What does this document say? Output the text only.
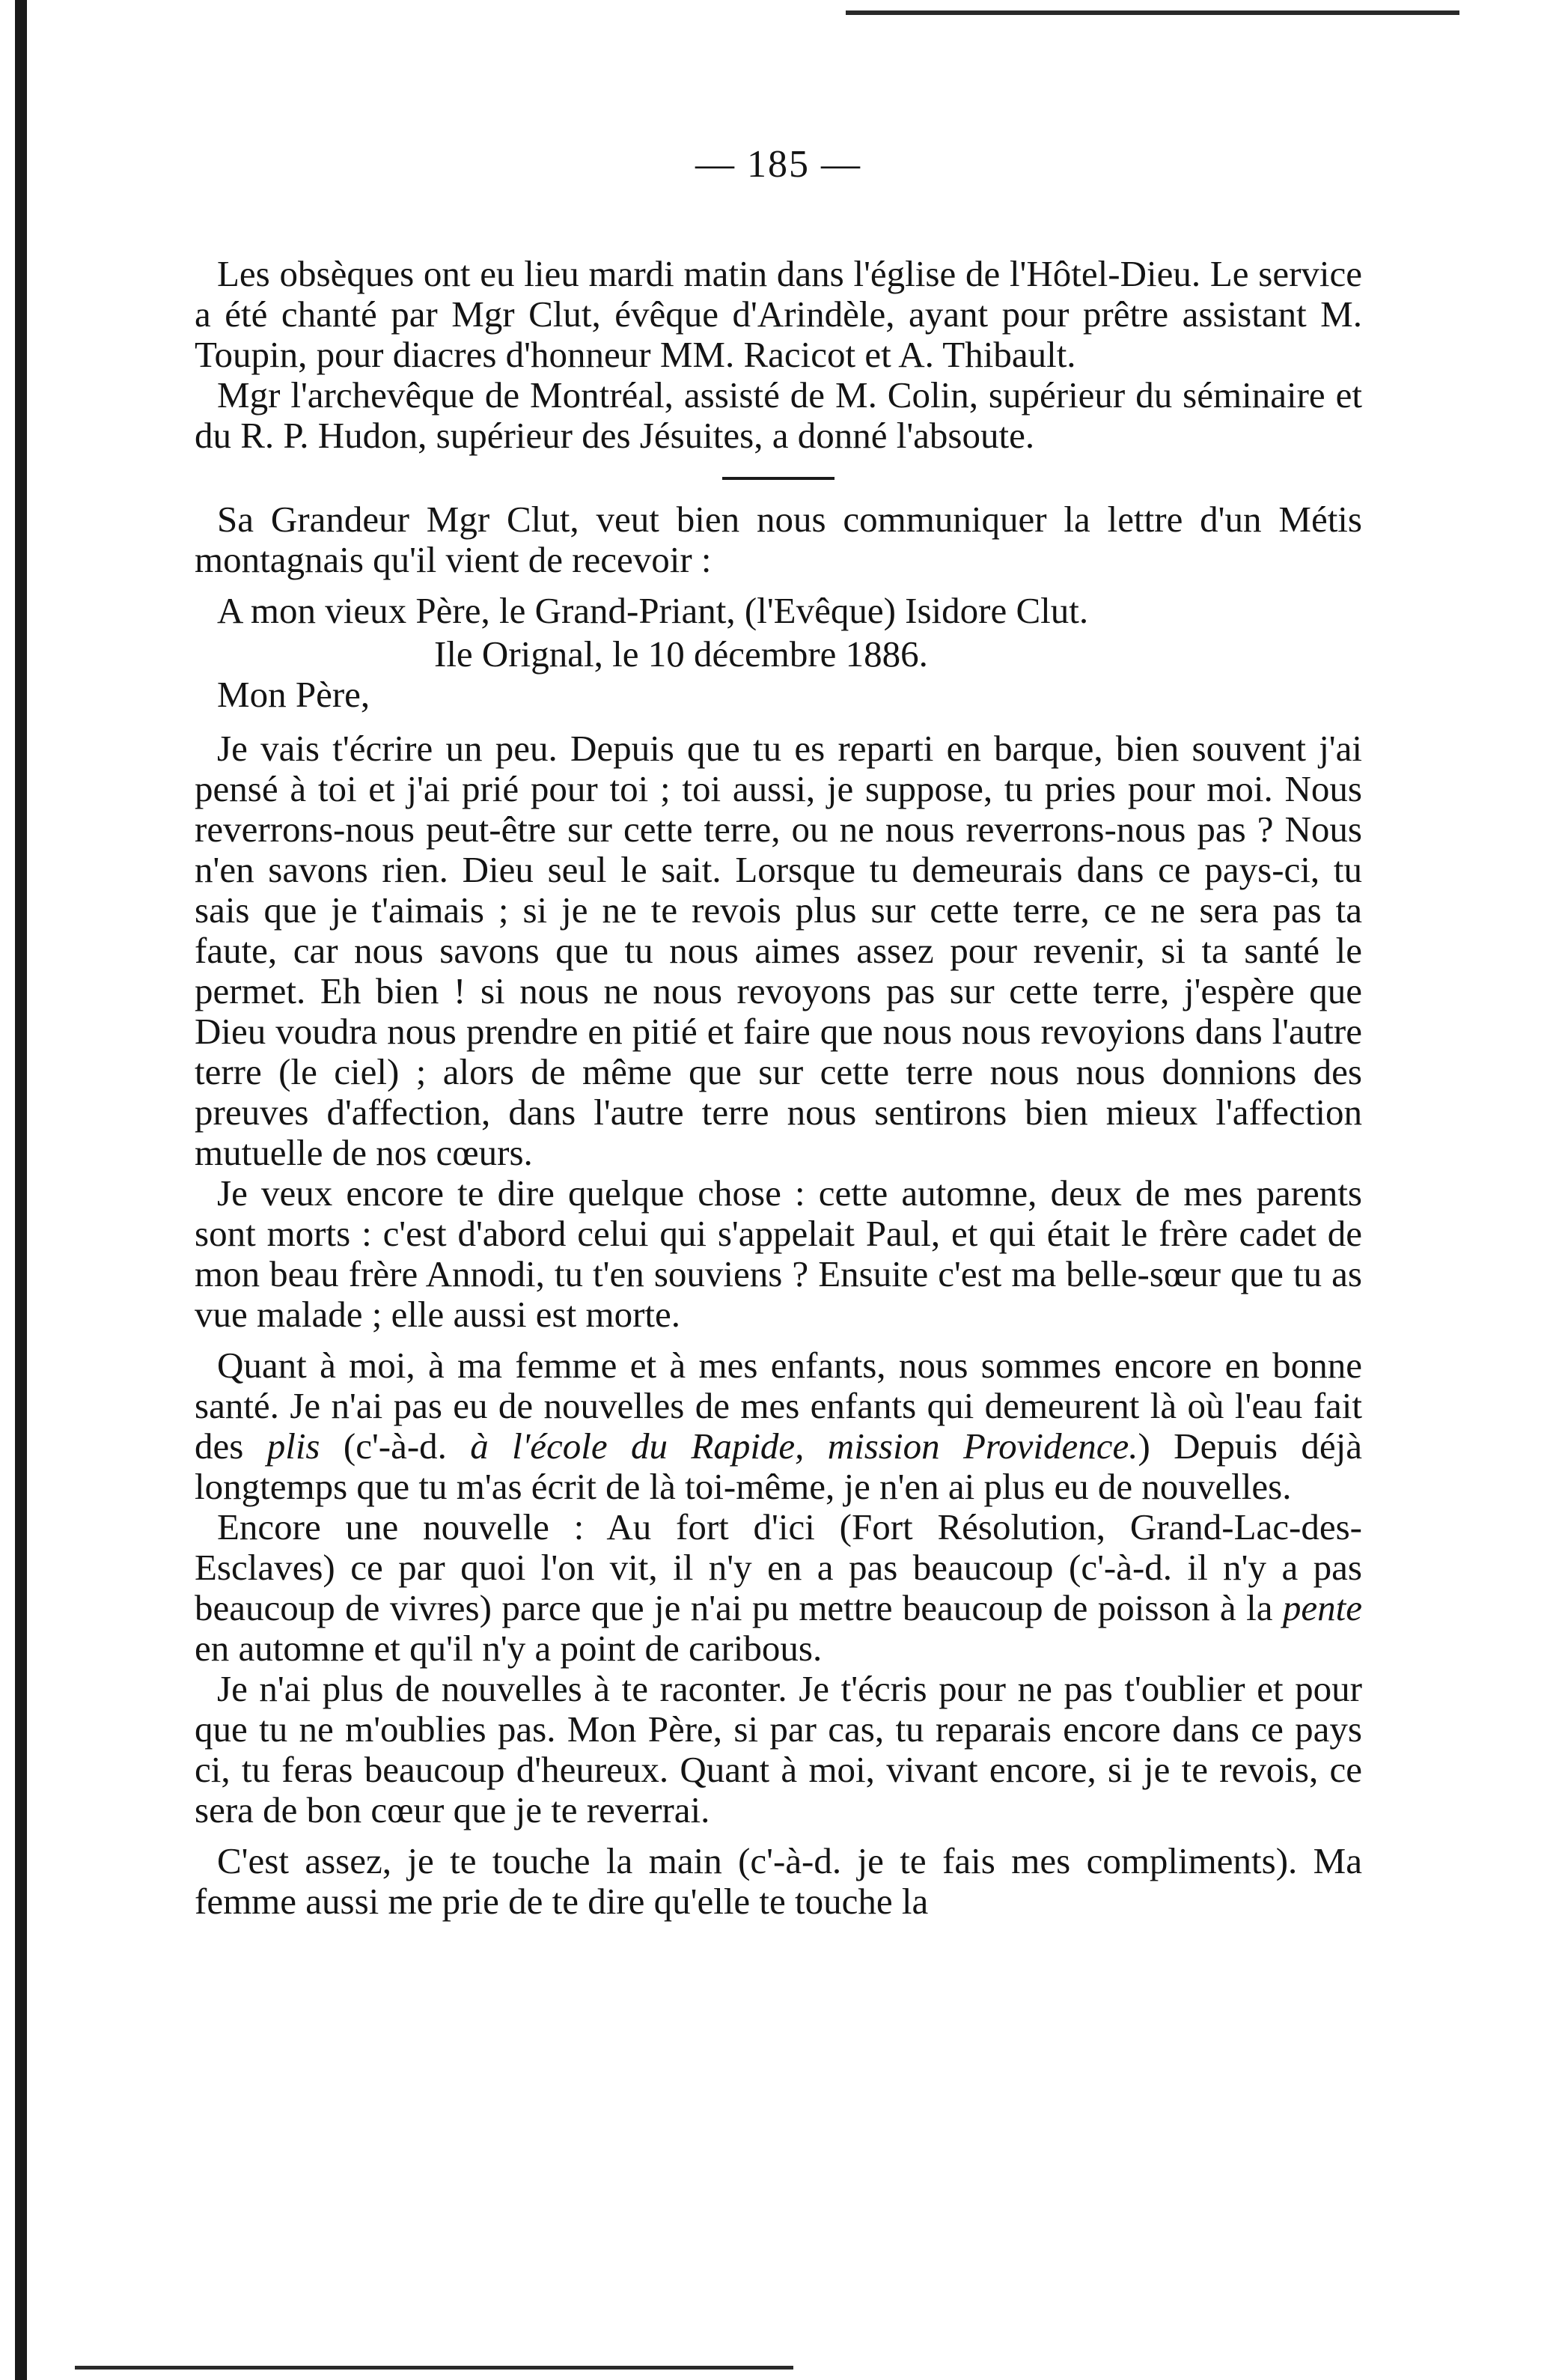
— 185 —

Les obsèques ont eu lieu mardi matin dans l'église de l'Hôtel-Dieu. Le service a été chanté par Mgr Clut, évêque d'Arindèle, ayant pour prêtre assistant M. Toupin, pour diacres d'honneur MM. Racicot et A. Thibault.

Mgr l'archevêque de Montréal, assisté de M. Colin, supérieur du séminaire et du R. P. Hudon, supérieur des Jésuites, a donné l'absoute.

Sa Grandeur Mgr Clut, veut bien nous communiquer la lettre d'un Métis montagnais qu'il vient de recevoir :

A mon vieux Père, le Grand-Priant, (l'Evêque) Isidore Clut.
Ile Orignal, le 10 décembre 1886.
Mon Père,

Je vais t'écrire un peu. Depuis que tu es reparti en barque, bien souvent j'ai pensé à toi et j'ai prié pour toi ; toi aussi, je suppose, tu pries pour moi. Nous reverrons-nous peut-être sur cette terre, ou ne nous reverrons-nous pas ? Nous n'en savons rien. Dieu seul le sait. Lorsque tu demeurais dans ce pays-ci, tu sais que je t'aimais ; si je ne te revois plus sur cette terre, ce ne sera pas ta faute, car nous savons que tu nous aimes assez pour revenir, si ta santé le permet. Eh bien ! si nous ne nous revoyons pas sur cette terre, j'espère que Dieu voudra nous prendre en pitié et faire que nous nous revoyions dans l'autre terre (le ciel) ; alors de même que sur cette terre nous nous donnions des preuves d'affection, dans l'autre terre nous sentirons bien mieux l'affection mutuelle de nos cœurs.

Je veux encore te dire quelque chose : cette automne, deux de mes parents sont morts : c'est d'abord celui qui s'appelait Paul, et qui était le frère cadet de mon beau frère Annodi, tu t'en souviens ? Ensuite c'est ma belle-sœur que tu as vue malade ; elle aussi est morte.

Quant à moi, à ma femme et à mes enfants, nous sommes encore en bonne santé. Je n'ai pas eu de nouvelles de mes enfants qui demeurent là où l'eau fait des plis (c'-à-d. à l'école du Rapide, mission Providence.) Depuis déjà longtemps que tu m'as écrit de là toi-même, je n'en ai plus eu de nouvelles.

Encore une nouvelle : Au fort d'ici (Fort Résolution, Grand-Lac-des-Esclaves) ce par quoi l'on vit, il n'y en a pas beaucoup (c'-à-d. il n'y a pas beaucoup de vivres) parce que je n'ai pu mettre beaucoup de poisson à la pente en automne et qu'il n'y a point de caribous.

Je n'ai plus de nouvelles à te raconter. Je t'écris pour ne pas t'oublier et pour que tu ne m'oublies pas. Mon Père, si par cas, tu reparais encore dans ce pays ci, tu feras beaucoup d'heureux. Quant à moi, vivant encore, si je te revois, ce sera de bon cœur que je te reverrai.

C'est assez, je te touche la main (c'-à-d. je te fais mes compliments). Ma femme aussi me prie de te dire qu'elle te touche la
